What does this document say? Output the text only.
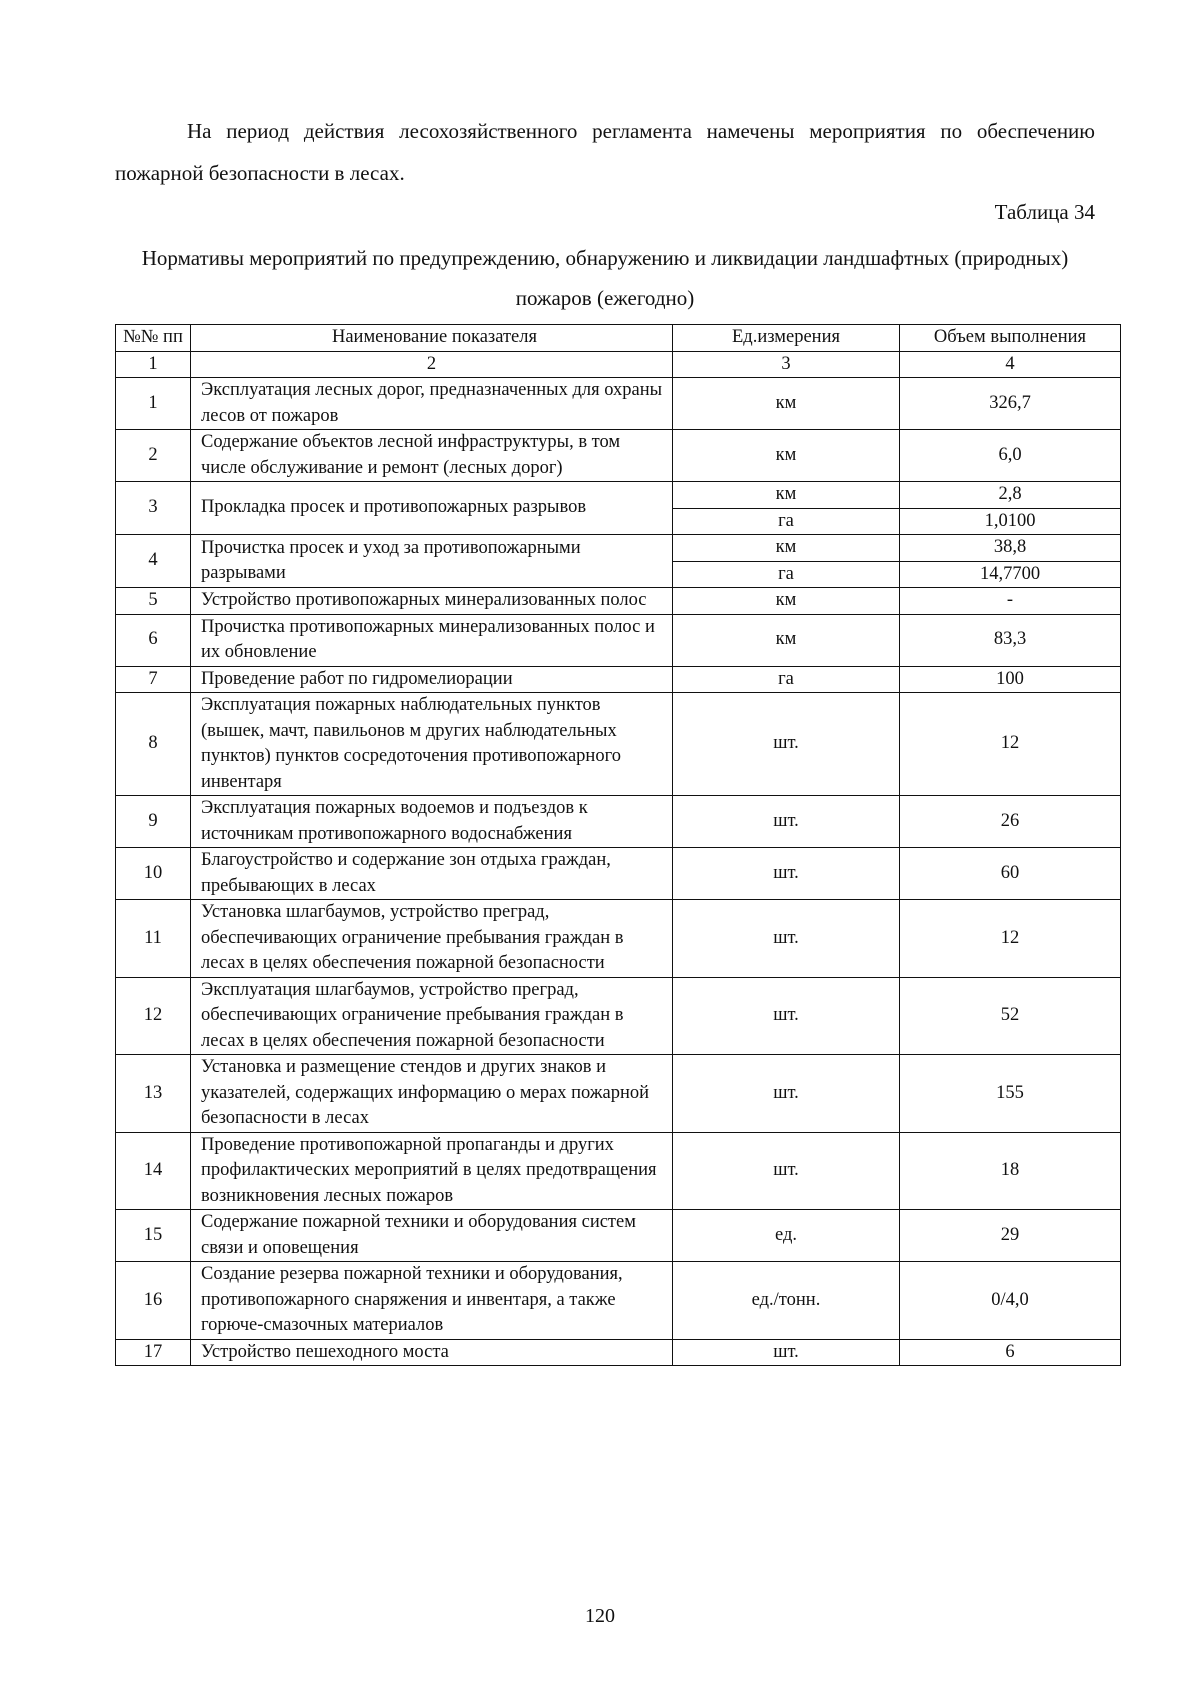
На период действия лесохозяйственного регламента намечены мероприятия по обеспечению пожарной безопасности в лесах.
Таблица 34
Нормативы мероприятий по предупреждению, обнаружению и ликвидации ландшафтных (природных) пожаров (ежегодно)
№№ пп	Наименование показателя	Ед.измерения	Объем выполнения
1	2	3	4
1	Эксплуатация лесных дорог, предназначенных для охраны лесов от пожаров	км	326,7
2	Содержание объектов лесной инфраструктуры, в том числе обслуживание и ремонт (лесных дорог)	км	6,0
3	Прокладка просек и противопожарных разрывов	км	2,8
		га	1,0100
4	Прочистка просек и уход за противопожарными разрывами	км	38,8
		га	14,7700
5	Устройство противопожарных минерализованных полос	км	-
6	Прочистка противопожарных минерализованных полос и их обновление	км	83,3
7	Проведение работ по гидромелиорации	га	100
8	Эксплуатация пожарных наблюдательных пунктов (вышек, мачт, павильонов м других наблюдательных пунктов) пунктов сосредоточения противопожарного инвентаря	шт.	12
9	Эксплуатация пожарных водоемов и подъездов к источникам противопожарного водоснабжения	шт.	26
10	Благоустройство и содержание зон отдыха граждан, пребывающих в лесах	шт.	60
11	Установка шлагбаумов, устройство преград, обеспечивающих ограничение пребывания граждан в лесах в целях обеспечения пожарной безопасности	шт.	12
12	Эксплуатация шлагбаумов, устройство преград, обеспечивающих ограничение пребывания граждан в лесах в целях обеспечения пожарной безопасности	шт.	52
13	Установка и размещение стендов и других знаков и указателей, содержащих информацию о мерах пожарной безопасности в лесах	шт.	155
14	Проведение противопожарной пропаганды и других профилактических мероприятий в целях предотвращения возникновения лесных пожаров	шт.	18
15	Содержание пожарной техники и оборудования систем связи и оповещения	ед.	29
16	Создание резерва пожарной техники и оборудования, противопожарного снаряжения и инвентаря, а также горюче-смазочных материалов	ед./тонн.	0/4,0
17	Устройство пешеходного моста	шт.	6
120
